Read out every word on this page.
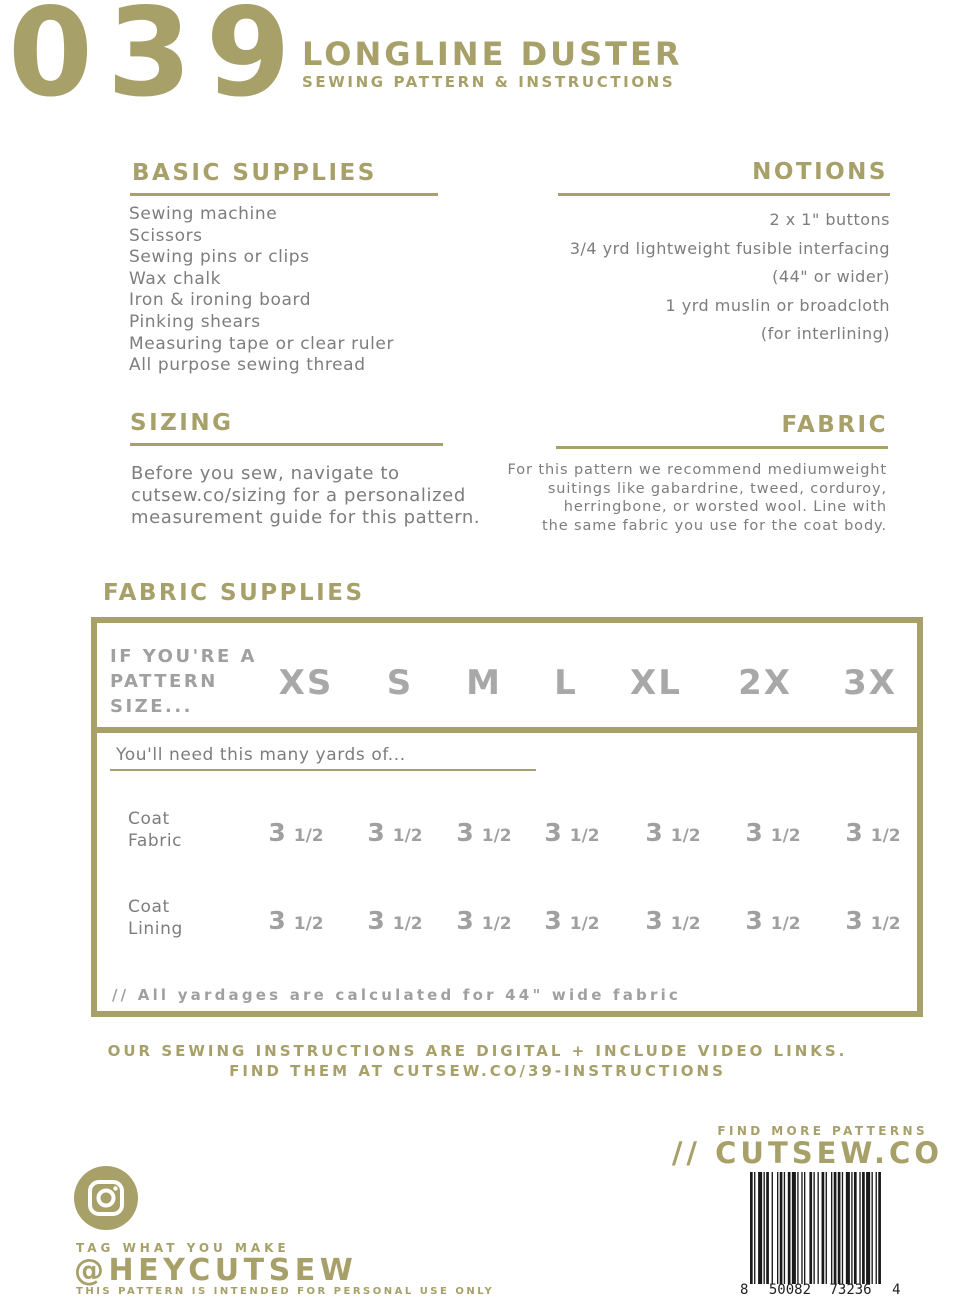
039
LONGLINE DUSTER
SEWING PATTERN & INSTRUCTIONS
BASIC SUPPLIES
Sewing machine
Scissors
Sewing pins or clips
Wax chalk
Iron & ironing board
Pinking shears
Measuring tape or clear ruler
All purpose sewing thread
NOTIONS
2 x 1" buttons
3/4 yrd lightweight fusible interfacing
(44" or wider)
1 yrd muslin or broadcloth
(for interlining)
SIZING
Before you sew, navigate to
cutsew.co/sizing for a personalized
measurement guide for this pattern.
FABRIC
For this pattern we recommend mediumweight
suitings like gabardrine, tweed, corduroy,
herringbone, or worsted wool. Line with
the same fabric you use for the coat body.
FABRIC SUPPLIES
IF YOU'RE A
PATTERN
SIZE...
XS	S	M	L	XL	2X	3X
You'll need this many yards of...
Coat
Fabric	3 1/2	3 1/2	3 1/2	3 1/2	3 1/2	3 1/2	3 1/2
Coat
Lining	3 1/2	3 1/2	3 1/2	3 1/2	3 1/2	3 1/2	3 1/2
// All yardages are calculated for 44" wide fabric
OUR SEWING INSTRUCTIONS ARE DIGITAL + INCLUDE VIDEO LINKS.
FIND THEM AT CUTSEW.CO/39-INSTRUCTIONS
FIND MORE PATTERNS
// CUTSEW.CO
TAG WHAT YOU MAKE
@HEYCUTSEW
THIS PATTERN IS INTENDED FOR PERSONAL USE ONLY	8 50082 73236 4
